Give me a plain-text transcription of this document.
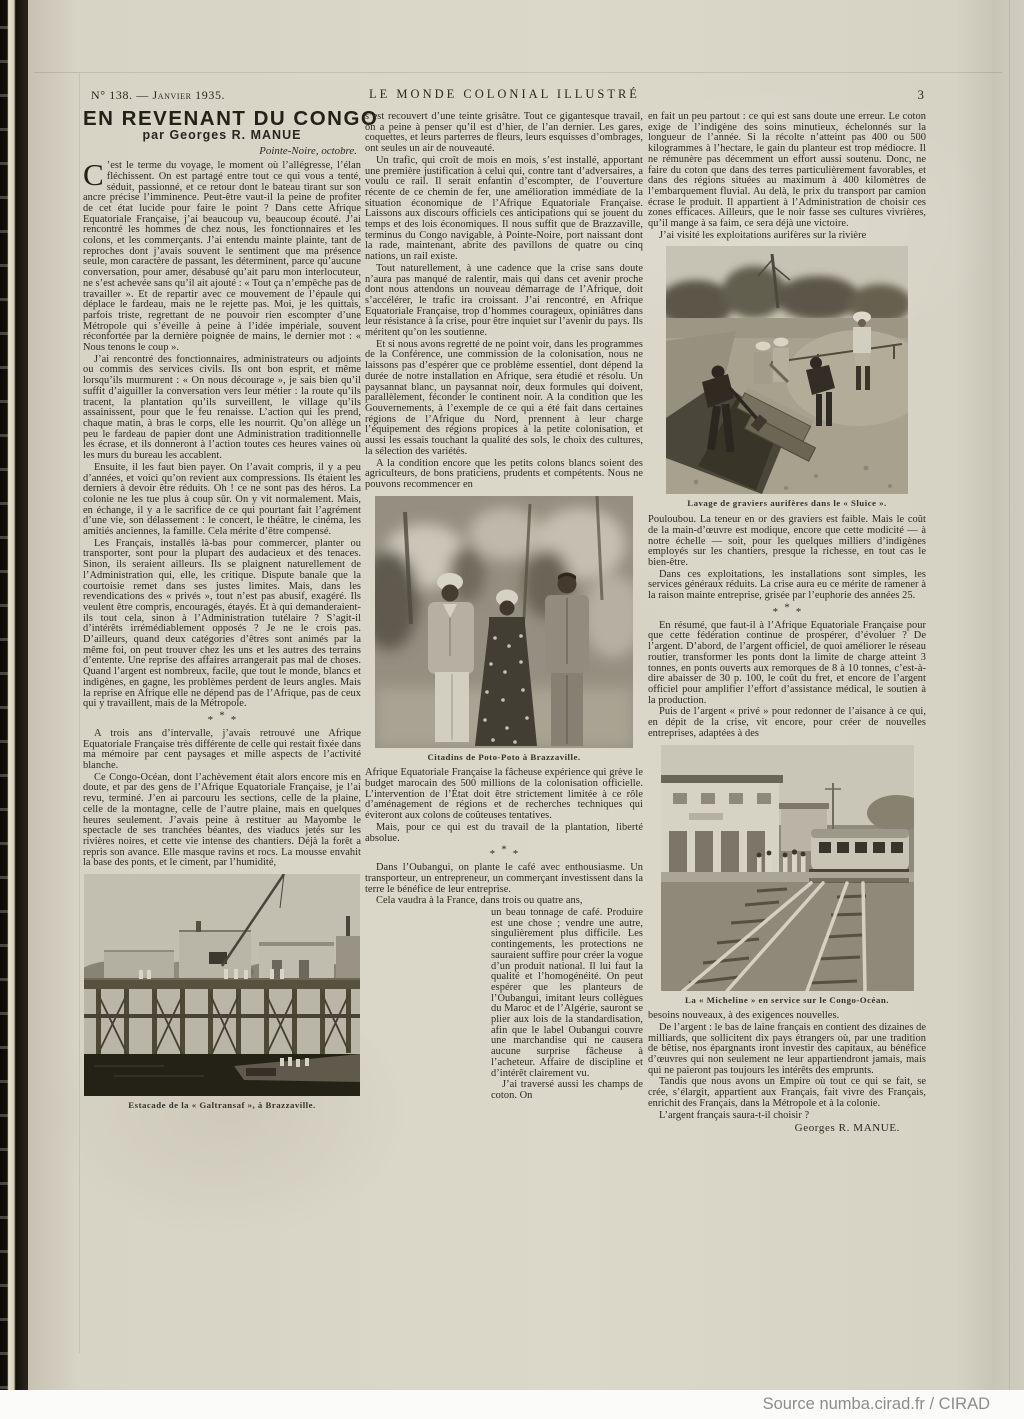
N° 138. — Janvier 1935.	LE MONDE COLONIAL ILLUSTRÉ	3
EN REVENANT DU CONGO
par Georges R. MANUE
Pointe-Noire, octobre.

C ’est le terme du voyage, le moment où l’allégresse, l’élan fléchissent. On est partagé entre tout ce qui vous a tenté, séduit, passionné, et ce retour dont le bateau tirant sur son ancre précise l’imminence. Peut-être vaut-il la peine de profiter de cet état lucide pour faire le point ? Dans cette Afrique Equatoriale Française, j’ai beaucoup vu, beaucoup écouté. J’ai rencontré les hommes de chez nous, les fonctionnaires et les colons, et les commerçants. J’ai entendu mainte plainte, tant de reproches dont j’avais souvent le sentiment que ma présence seule, mon caractère de passant, les déterminent, parce qu’aucune conversation, pour amer, désabusé qu’ait paru mon interlocuteur, ne s’est achevée sans qu’il ait ajouté : « Tout ça n’empêche pas de travailler ». Et de repartir avec ce mouvement de l’épaule qui déplace le fardeau, mais ne le rejette pas. Moi, je les quittais, parfois triste, regrettant de ne pouvoir rien escompter d’une Métropole qui s’éveille à peine à l’idée impériale, souvent réconfortée par la dernière poignée de mains, le dernier mot : « Nous tenons le coup ».

J’ai rencontré des fonctionnaires, administrateurs ou adjoints ou commis des services civils. Ils ont bon esprit, et même lorsqu’ils murmurent : « On nous décourage », je sais bien qu’il suffit d’aiguiller la conversation vers leur métier : la route qu’ils tracent, la plantation qu’ils surveillent, le village qu’ils assainissent, pour que le feu renaisse. L’action qui les prend, chaque matin, à bras le corps, elle les nourrit. Qu’on allège un peu le fardeau de papier dont une Administration traditionnelle les écrase, et ils donneront à l’action toutes ces heures vaines où les murs du bureau les accablent.

Ensuite, il les faut bien payer. On l’avait compris, il y a peu d’années, et voici qu’on revient aux compressions. Ils étaient les derniers à devoir être réduits. Oh ! ce ne sont pas des héros. La colonie ne les tue plus à coup sûr. On y vit normalement. Mais, en échange, il y a le sacrifice de ce qui pourtant fait l’agrément d’une vie, son délassement : le concert, le théâtre, le cinéma, les amitiés anciennes, la famille. Cela mérite d’être compensé.

Les Français, installés là-bas pour commercer, planter ou transporter, sont pour la plupart des audacieux et des tenaces. Sinon, ils seraient ailleurs. Ils se plaignent naturellement de l’Administration qui, elle, les critique. Dispute banale que la courtoisie remet dans ses justes limites. Mais, dans les revendications des « privés », tout n’est pas abusif, exagéré. Ils veulent être compris, encouragés, étayés. Et à qui demanderaient-ils tout cela, sinon à l’Administration tutélaire ? S’agit-il d’intérêts irrémédiablement opposés ? Je ne le crois pas. D’ailleurs, quand deux catégories d’êtres sont animés par la même foi, on peut trouver chez les uns et les autres des terrains d’entente. Une reprise des affaires arrangerait pas mal de choses. Quand l’argent est nombreux, facile, que tout le monde, blancs et indigènes, en gagne, les problèmes perdent de leurs angles. Mais la reprise en Afrique elle ne dépend pas de l’Afrique, pas de ceux qui y travaillent, mais de la Métropole.

* * *

A trois ans d’intervalle, j’avais retrouvé une Afrique Equatoriale Française très différente de celle qui restait fixée dans ma mémoire par cent paysages et mille aspects de l’activité blanche.

Ce Congo-Océan, dont l’achèvement était alors encore mis en doute, et par des gens de l’Afrique Equatoriale Française, je l’ai revu, terminé. J’en ai parcouru les sections, celle de la plaine, celle de la montagne, celle de l’autre plaine, mais en quelques heures seulement. J’avais peine à restituer au Mayombe le spectacle de ses tranchées béantes, des viaducs jetés sur les rivières noires, et cette vie intense des chantiers. Déjà la forêt a repris son avance. Elle masque ravins et rocs. La mousse envahit la base des ponts, et le ciment, par l’humidité,

Estacade de la « Galtransaf », à Brazzaville.

s’est recouvert d’une teinte grisâtre. Tout ce gigantesque travail, on a peine à penser qu’il est d’hier, de l’an dernier. Les gares, coquettes, et leurs parterres de fleurs, leurs esquisses d’ombrages, ont seules un air de nouveauté.

Un trafic, qui croît de mois en mois, s’est installé, apportant une première justification à celui qui, contre tant d’adversaires, a voulu ce rail. Il serait enfantin d’escompter, de l’ouverture récente de ce chemin de fer, une amélioration immédiate de la situation économique de l’Afrique Equatoriale Française. Laissons aux discours officiels ces anticipations qui se jouent du temps et des lois économiques. Il nous suffit que de Brazzaville, terminus du Congo navigable, à Pointe-Noire, port naissant dont la rade, maintenant, abrite des pavillons de quatre ou cinq nations, un rail existe.

Tout naturellement, à une cadence que la crise sans doute n’aura pas manqué de ralentir, mais qui dans cet avenir proche dont nous attendons un nouveau démarrage de l’Afrique, doit s’accélérer, le trafic ira croissant. J’ai rencontré, en Afrique Equatoriale Française, trop d’hommes courageux, opiniâtres dans leur résistance à la crise, pour être inquiet sur l’avenir du pays. Ils méritent qu’on les soutienne.

Et si nous avons regretté de ne point voir, dans les programmes de la Conférence, une commission de la colonisation, nous ne laissons pas d’espérer que ce problème essentiel, dont dépend la durée de notre installation en Afrique, sera étudié et résolu. Un paysannat blanc, un paysannat noir, deux formules qui doivent, parallèlement, féconder le continent noir. A la condition que les Gouvernements, à l’exemple de ce qui a été fait dans certaines régions de l’Afrique du Nord, prennent à leur charge l’équipement des régions propices à la petite colonisation, et aussi les essais touchant la qualité des sols, le choix des cultures, la sélection des variétés.

A la condition encore que les petits colons blancs soient des agriculteurs, de bons praticiens, prudents et compétents. Nous ne pouvons recommencer en

Citadins de Poto-Poto à Brazzaville.

Afrique Equatoriale Française la fâcheuse expérience qui grève le budget marocain des 500 millions de la colonisation officielle. L’intervention de l’État doit être strictement limitée à ce rôle d’aménagement de régions et de recherches techniques qui éviteront aux colons de coûteuses tentatives.

Mais, pour ce qui est du travail de la plantation, liberté absolue.

* * *

Dans l’Oubangui, on plante le café avec enthousiasme. Un transporteur, un entrepreneur, un commerçant investissent dans la terre le bénéfice de leur entreprise.

Cela vaudra à la France, dans trois ou quatre ans,

un beau tonnage de café. Produire est une chose ; vendre une autre, singulièrement plus difficile. Les contingements, les protections ne sauraient suffire pour créer la vogue d’un produit national. Il lui faut la qualité et l’homogénéité. On peut espérer que les planteurs de l’Oubangui, imitant leurs collègues du Maroc et de l’Algérie, sauront se plier aux lois de la standardisation, afin que le label Oubangui couvre une marchandise qui ne causera aucune surprise fâcheuse à l’acheteur. Affaire de discipline et d’intérêt clairement vu.

J’ai traversé aussi les champs de coton. On

en fait un peu partout : ce qui est sans doute une erreur. Le coton exige de l’indigène des soins minutieux, échelonnés sur la longueur de l’année. Si la récolte n’atteint pas 400 ou 500 kilogrammes à l’hectare, le gain du planteur est trop médiocre. Il ne rémunère pas décemment un effort aussi soutenu. Donc, ne faire du coton que dans des terres particulièrement favorables, et dans des régions situées au maximum à 400 kilomètres de l’embarquement fluvial. Au delà, le prix du transport par camion écrase le produit. Il appartient à l’Administration de choisir ces zones efficaces. Ailleurs, que le noir fasse ses cultures vivrières, qu’il mange à sa faim, ce sera déjà une victoire.

J’ai visité les exploitations aurifères sur la rivière

Lavage de graviers aurifères dans le « Sluice ».

Pouloubou. La teneur en or des graviers est faible. Mais le coût de la main-d’œuvre est modique, encore que cette modicité — à notre échelle — soit, pour les quelques milliers d’indigènes employés sur les chantiers, presque la richesse, en tout cas le bien-être.

Dans ces exploitations, les installations sont simples, les services généraux réduits. La crise aura eu ce mérite de ramener à la raison mainte entreprise, grisée par l’euphorie des années 25.

* * *

En résumé, que faut-il à l’Afrique Equatoriale Française pour que cette fédération continue de prospérer, d’évoluer ? De l’argent. D’abord, de l’argent officiel, de quoi améliorer le réseau routier, transformer les ponts dont la limite de charge atteint 3 tonnes, en ponts ouverts aux remorques de 8 à 10 tonnes, c’est-à-dire abaisser de 30 p. 100, le coût du fret, et encore de l’argent officiel pour amplifier l’effort d’assistance médical, le soutien à la production.

Puis de l’argent « privé » pour redonner de l’aisance à ce qui, en dépit de la crise, vit encore, pour créer de nouvelles entreprises, adaptées à des

La « Micheline » en service sur le Congo-Océan.

besoins nouveaux, à des exigences nouvelles.

De l’argent : le bas de laine français en contient des dizaines de milliards, que sollicitent dix pays étrangers où, par une tradition de bêtise, nos épargnants iront investir des capitaux, au bénéfice d’œuvres qui non seulement ne leur appartiendront jamais, mais qui ne paieront pas toujours les intérêts des emprunts.

Tandis que nous avons un Empire où tout ce qui se fait, se crée, s’élargit, appartient aux Français, fait vivre des Français, enrichit des Français, dans la Métropole et à la colonie.

L’argent français saura-t-il choisir ?

Georges R. MANUE.
Source numba.cirad.fr / CIRAD
